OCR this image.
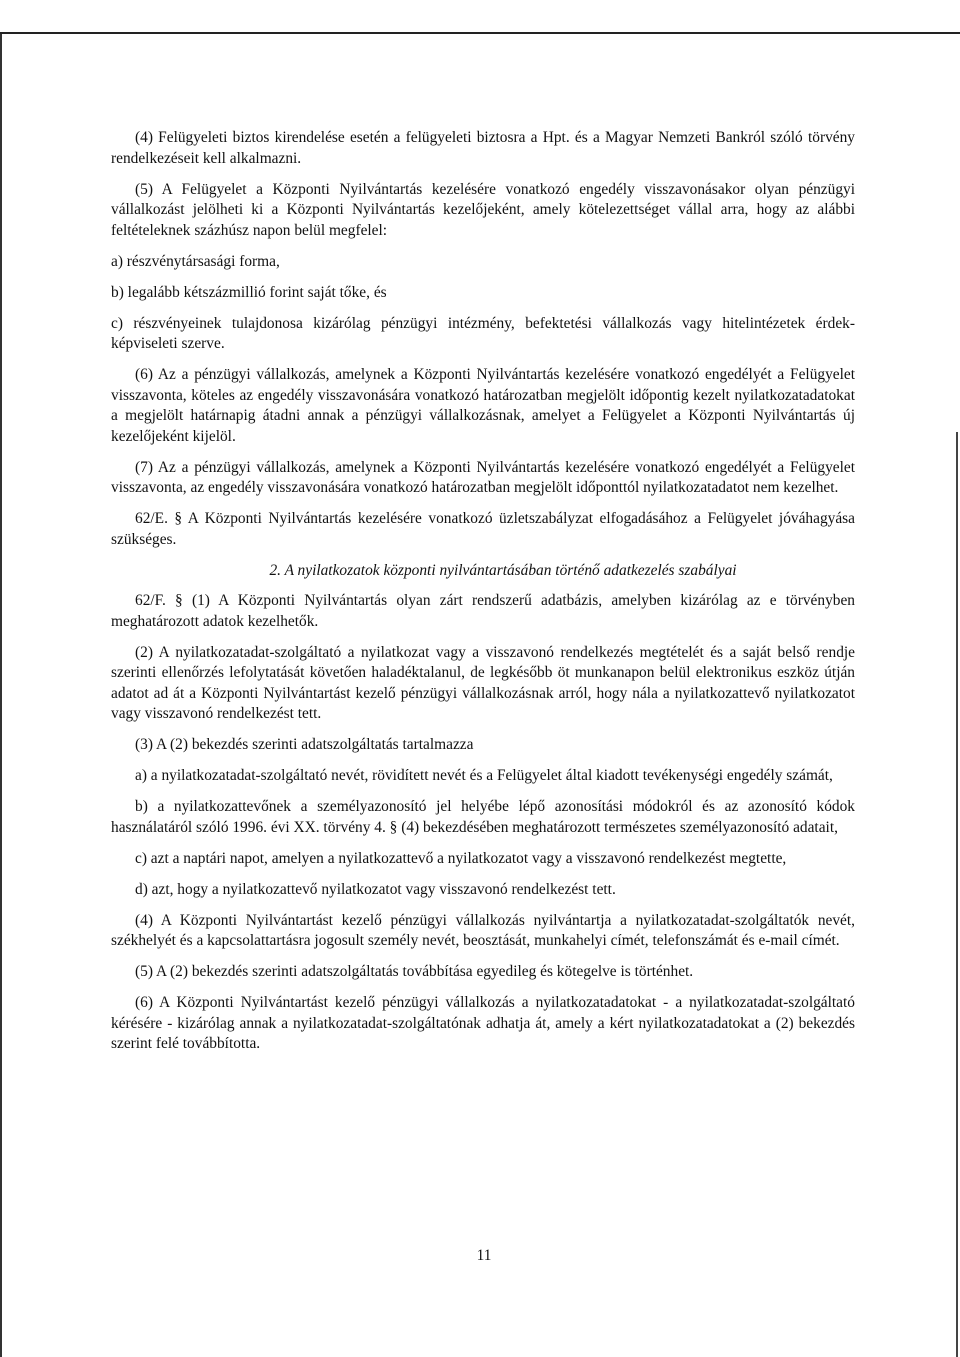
(4) Felügyeleti biztos kirendelése esetén a felügyeleti biztosra a Hpt. és a Magyar Nemzeti Bankról szóló törvény rendelkezéseit kell alkalmazni.

(5) A Felügyelet a Központi Nyilvántartás kezelésére vonatkozó engedély visszavonásakor olyan pénzügyi vállalkozást jelölheti ki a Központi Nyilvántartás kezelőjeként, amely kötelezettséget vállal arra, hogy az alábbi feltételeknek százhúsz napon belül megfelel:

a) részvénytársasági forma,

b) legalább kétszázmillió forint saját tőke, és

c) részvényeinek tulajdonosa kizárólag pénzügyi intézmény, befektetési vállalkozás vagy hitelintézetek érdek-képviseleti szerve.

(6) Az a pénzügyi vállalkozás, amelynek a Központi Nyilvántartás kezelésére vonatkozó engedélyét a Felügyelet visszavonta, köteles az engedély visszavonására vonatkozó határozatban megjelölt időpontig kezelt nyilatkozatadatokat a megjelölt határnapig átadni annak a pénzügyi vállalkozásnak, amelyet a Felügyelet a Központi Nyilvántartás új kezelőjeként kijelöl.

(7) Az a pénzügyi vállalkozás, amelynek a Központi Nyilvántartás kezelésére vonatkozó engedélyét a Felügyelet visszavonta, az engedély visszavonására vonatkozó határozatban megjelölt időponttól nyilatkozatadatot nem kezelhet.

62/E. § A Központi Nyilvántartás kezelésére vonatkozó üzletszabályzat elfogadásához a Felügyelet jóváhagyása szükséges.

2. A nyilatkozatok központi nyilvántartásában történő adatkezelés szabályai

62/F. § (1) A Központi Nyilvántartás olyan zárt rendszerű adatbázis, amelyben kizárólag az e törvényben meghatározott adatok kezelhetők.

(2) A nyilatkozatadat-szolgáltató a nyilatkozat vagy a visszavonó rendelkezés megtételét és a saját belső rendje szerinti ellenőrzés lefolytatását követően haladéktalanul, de legkésőbb öt munkanapon belül elektronikus eszköz útján adatot ad át a Központi Nyilvántartást kezelő pénzügyi vállalkozásnak arról, hogy nála a nyilatkozattevő nyilatkozatot vagy visszavonó rendelkezést tett.

(3) A (2) bekezdés szerinti adatszolgáltatás tartalmazza

a) a nyilatkozatadat-szolgáltató nevét, rövidített nevét és a Felügyelet által kiadott tevékenységi engedély számát,

b) a nyilatkozattevőnek a személyazonosító jel helyébe lépő azonosítási módokról és az azonosító kódok használatáról szóló 1996. évi XX. törvény 4. § (4) bekezdésében meghatározott természetes személyazonosító adatait,

c) azt a naptári napot, amelyen a nyilatkozattevő a nyilatkozatot vagy a visszavonó rendelkezést megtette,

d) azt, hogy a nyilatkozattevő nyilatkozatot vagy visszavonó rendelkezést tett.

(4) A Központi Nyilvántartást kezelő pénzügyi vállalkozás nyilvántartja a nyilatkozatadat-szolgáltatók nevét, székhelyét és a kapcsolattartásra jogosult személy nevét, beosztását, munkahelyi címét, telefonszámát és e-mail címét.

(5) A (2) bekezdés szerinti adatszolgáltatás továbbítása egyedileg és kötegelve is történhet.

(6) A Központi Nyilvántartást kezelő pénzügyi vállalkozás a nyilatkozatadatokat - a nyilatkozatadat-szolgáltató kérésére - kizárólag annak a nyilatkozatadat-szolgáltatónak adhatja át, amely a kért nyilatkozatadatokat a (2) bekezdés szerint felé továbbította.

11
